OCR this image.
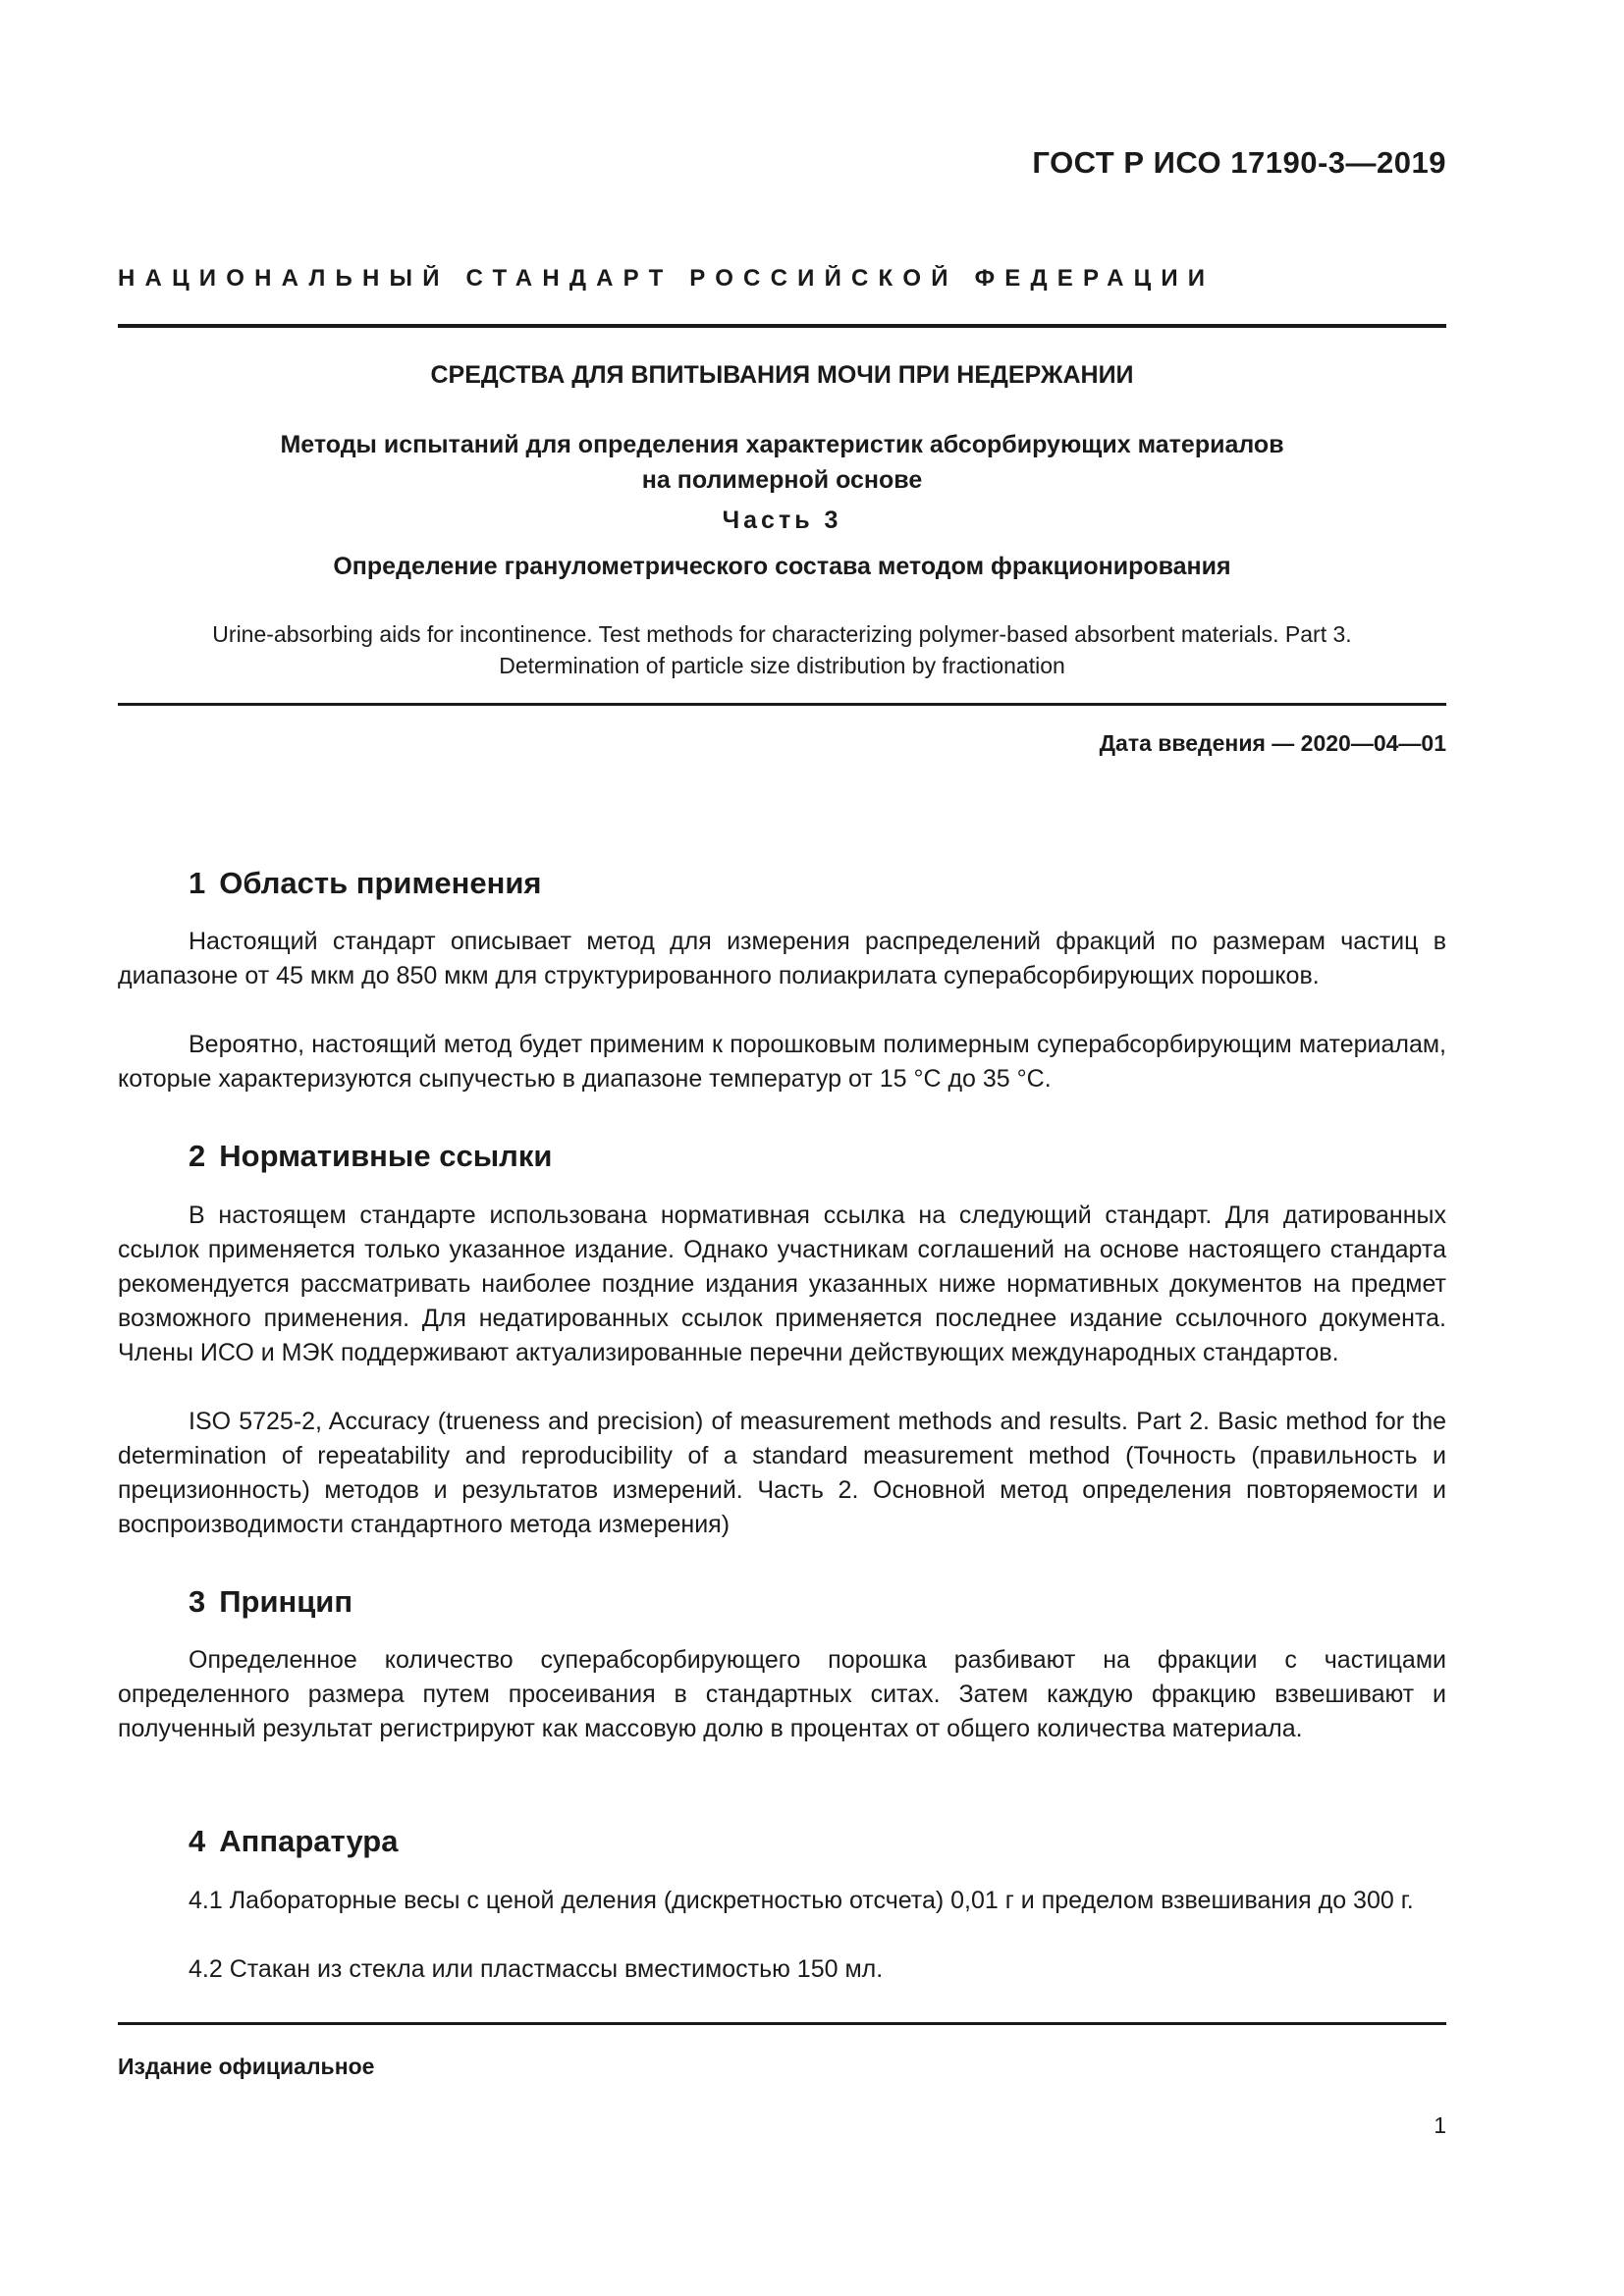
ГОСТ Р ИСО 17190-3—2019
НАЦИОНАЛЬНЫЙ СТАНДАРТ РОССИЙСКОЙ ФЕДЕРАЦИИ
СРЕДСТВА ДЛЯ ВПИТЫВАНИЯ МОЧИ ПРИ НЕДЕРЖАНИИ
Методы испытаний для определения характеристик абсорбирующих материалов
на полимерной основе
Часть 3
Определение гранулометрического состава методом фракционирования
Urine-absorbing aids for incontinence. Test methods for characterizing polymer-based absorbent materials. Part 3.
Determination of particle size distribution by fractionation
Дата введения — 2020—04—01
1 Область применения
Настоящий стандарт описывает метод для измерения распределений фракций по размерам частиц в диапазоне от 45 мкм до 850 мкм для структурированного полиакрилата суперабсорбирующих порошков.
Вероятно, настоящий метод будет применим к порошковым полимерным суперабсорбирующим материалам, которые характеризуются сыпучестью в диапазоне температур от 15 °С до 35 °С.
2 Нормативные ссылки
В настоящем стандарте использована нормативная ссылка на следующий стандарт. Для датированных ссылок применяется только указанное издание. Однако участникам соглашений на основе настоящего стандарта рекомендуется рассматривать наиболее поздние издания указанных ниже нормативных документов на предмет возможного применения. Для недатированных ссылок применяется последнее издание ссылочного документа. Члены ИСО и МЭК поддерживают актуализированные перечни действующих международных стандартов.
ISO 5725-2, Accuracy (trueness and precision) of measurement methods and results. Part 2. Basic method for the determination of repeatability and reproducibility of a standard measurement method (Точность (правильность и прецизионность) методов и результатов измерений. Часть 2. Основной метод определения повторяемости и воспроизводимости стандартного метода измерения)
3 Принцип
Определенное количество суперабсорбирующего порошка разбивают на фракции с частицами определенного размера путем просеивания в стандартных ситах. Затем каждую фракцию взвешивают и полученный результат регистрируют как массовую долю в процентах от общего количества материала.
4 Аппаратура
4.1 Лабораторные весы с ценой деления (дискретностью отсчета) 0,01 г и пределом взвешивания до 300 г.
4.2 Стакан из стекла или пластмассы вместимостью 150 мл.
Издание официальное
1
